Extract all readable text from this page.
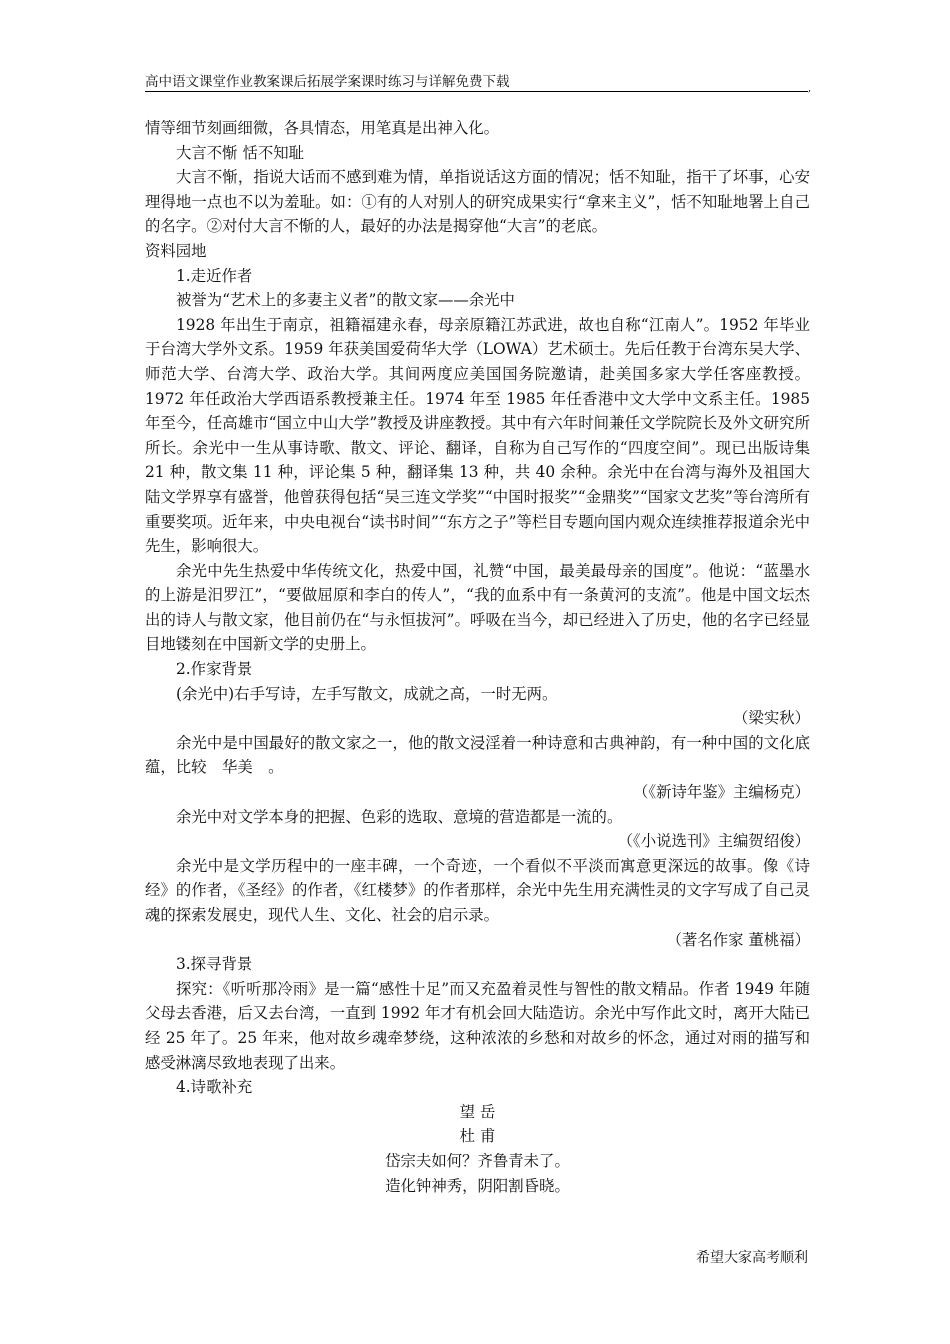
高中语文课堂作业教案课后拓展学案课时练习与详解免费下载	,

情等细节刻画细微，各具情态，用笔真是出神入化。

大言不惭 恬不知耻

大言不惭，指说大话而不感到难为情，单指说话这方面的情况；恬不知耻，指干了坏事，心安理得地一点也不以为羞耻。如：①有的人对别人的研究成果实行“拿来主义”，恬不知耻地署上自己的名字。②对付大言不惭的人，最好的办法是揭穿他“大言”的老底。

资料园地

1.走近作者

被誉为“艺术上的多妻主义者”的散文家——余光中

1928 年出生于南京，祖籍福建永春，母亲原籍江苏武进，故也自称“江南人”。1952 年毕业于台湾大学外文系。1959 年获美国爱荷华大学（LOWA）艺术硕士。先后任教于台湾东吴大学、师范大学、台湾大学、政治大学。其间两度应美国国务院邀请，赴美国多家大学任客座教授。1972 年任政治大学西语系教授兼主任。1974 年至 1985 年任香港中文大学中文系主任。1985 年至今，任高雄市“国立中山大学”教授及讲座教授。其中有六年时间兼任文学院院长及外文研究所所长。余光中一生从事诗歌、散文、评论、翻译，自称为自己写作的“四度空间”。现已出版诗集 21 种，散文集 11 种，评论集 5 种，翻译集 13 种，共 40 余种。余光中在台湾与海外及祖国大陆文学界享有盛誉，他曾获得包括“吴三连文学奖”“中国时报奖”“金鼎奖”“国家文艺奖”等台湾所有重要奖项。近年来，中央电视台“读书时间”“东方之子”等栏目专题向国内观众连续推荐报道余光中先生，影响很大。

余光中先生热爱中华传统文化，热爱中国，礼赞“中国，最美最母亲的国度”。他说：“蓝墨水的上游是汨罗江”，“要做屈原和李白的传人”，“我的血系中有一条黄河的支流”。他是中国文坛杰出的诗人与散文家，他目前仍在“与永恒拔河”。呼吸在当今，却已经进入了历史，他的名字已经显目地镂刻在中国新文学的史册上。

2.作家背景

(余光中)右手写诗，左手写散文，成就之高，一时无两。

（梁实秋）

余光中是中国最好的散文家之一，他的散文浸淫着一种诗意和古典神韵，有一种中国的文化底蕴，比较　华美　。

（《新诗年鉴》主编杨克）

余光中对文学本身的把握、色彩的选取、意境的营造都是一流的。

（《小说选刊》主编贺绍俊）

余光中是文学历程中的一座丰碑，一个奇迹，一个看似不平淡而寓意更深远的故事。像《诗经》的作者，《圣经》的作者，《红楼梦》的作者那样，余光中先生用充满性灵的文字写成了自己灵魂的探索发展史，现代人生、文化、社会的启示录。

（著名作家 董桃福）

3.探寻背景

探究：《听听那冷雨》是一篇“感性十足”而又充盈着灵性与智性的散文精品。作者 1949 年随父母去香港，后又去台湾，一直到 1992 年才有机会回大陆造访。余光中写作此文时，离开大陆已经 25 年了。25 年来，他对故乡魂牵梦绕，这种浓浓的乡愁和对故乡的怀念，通过对雨的描写和感受淋漓尽致地表现了出来。

4.诗歌补充

望 岳

杜 甫

岱宗夫如何？齐鲁青未了。

造化钟神秀，阴阳割昏晓。

希望大家高考顺利
